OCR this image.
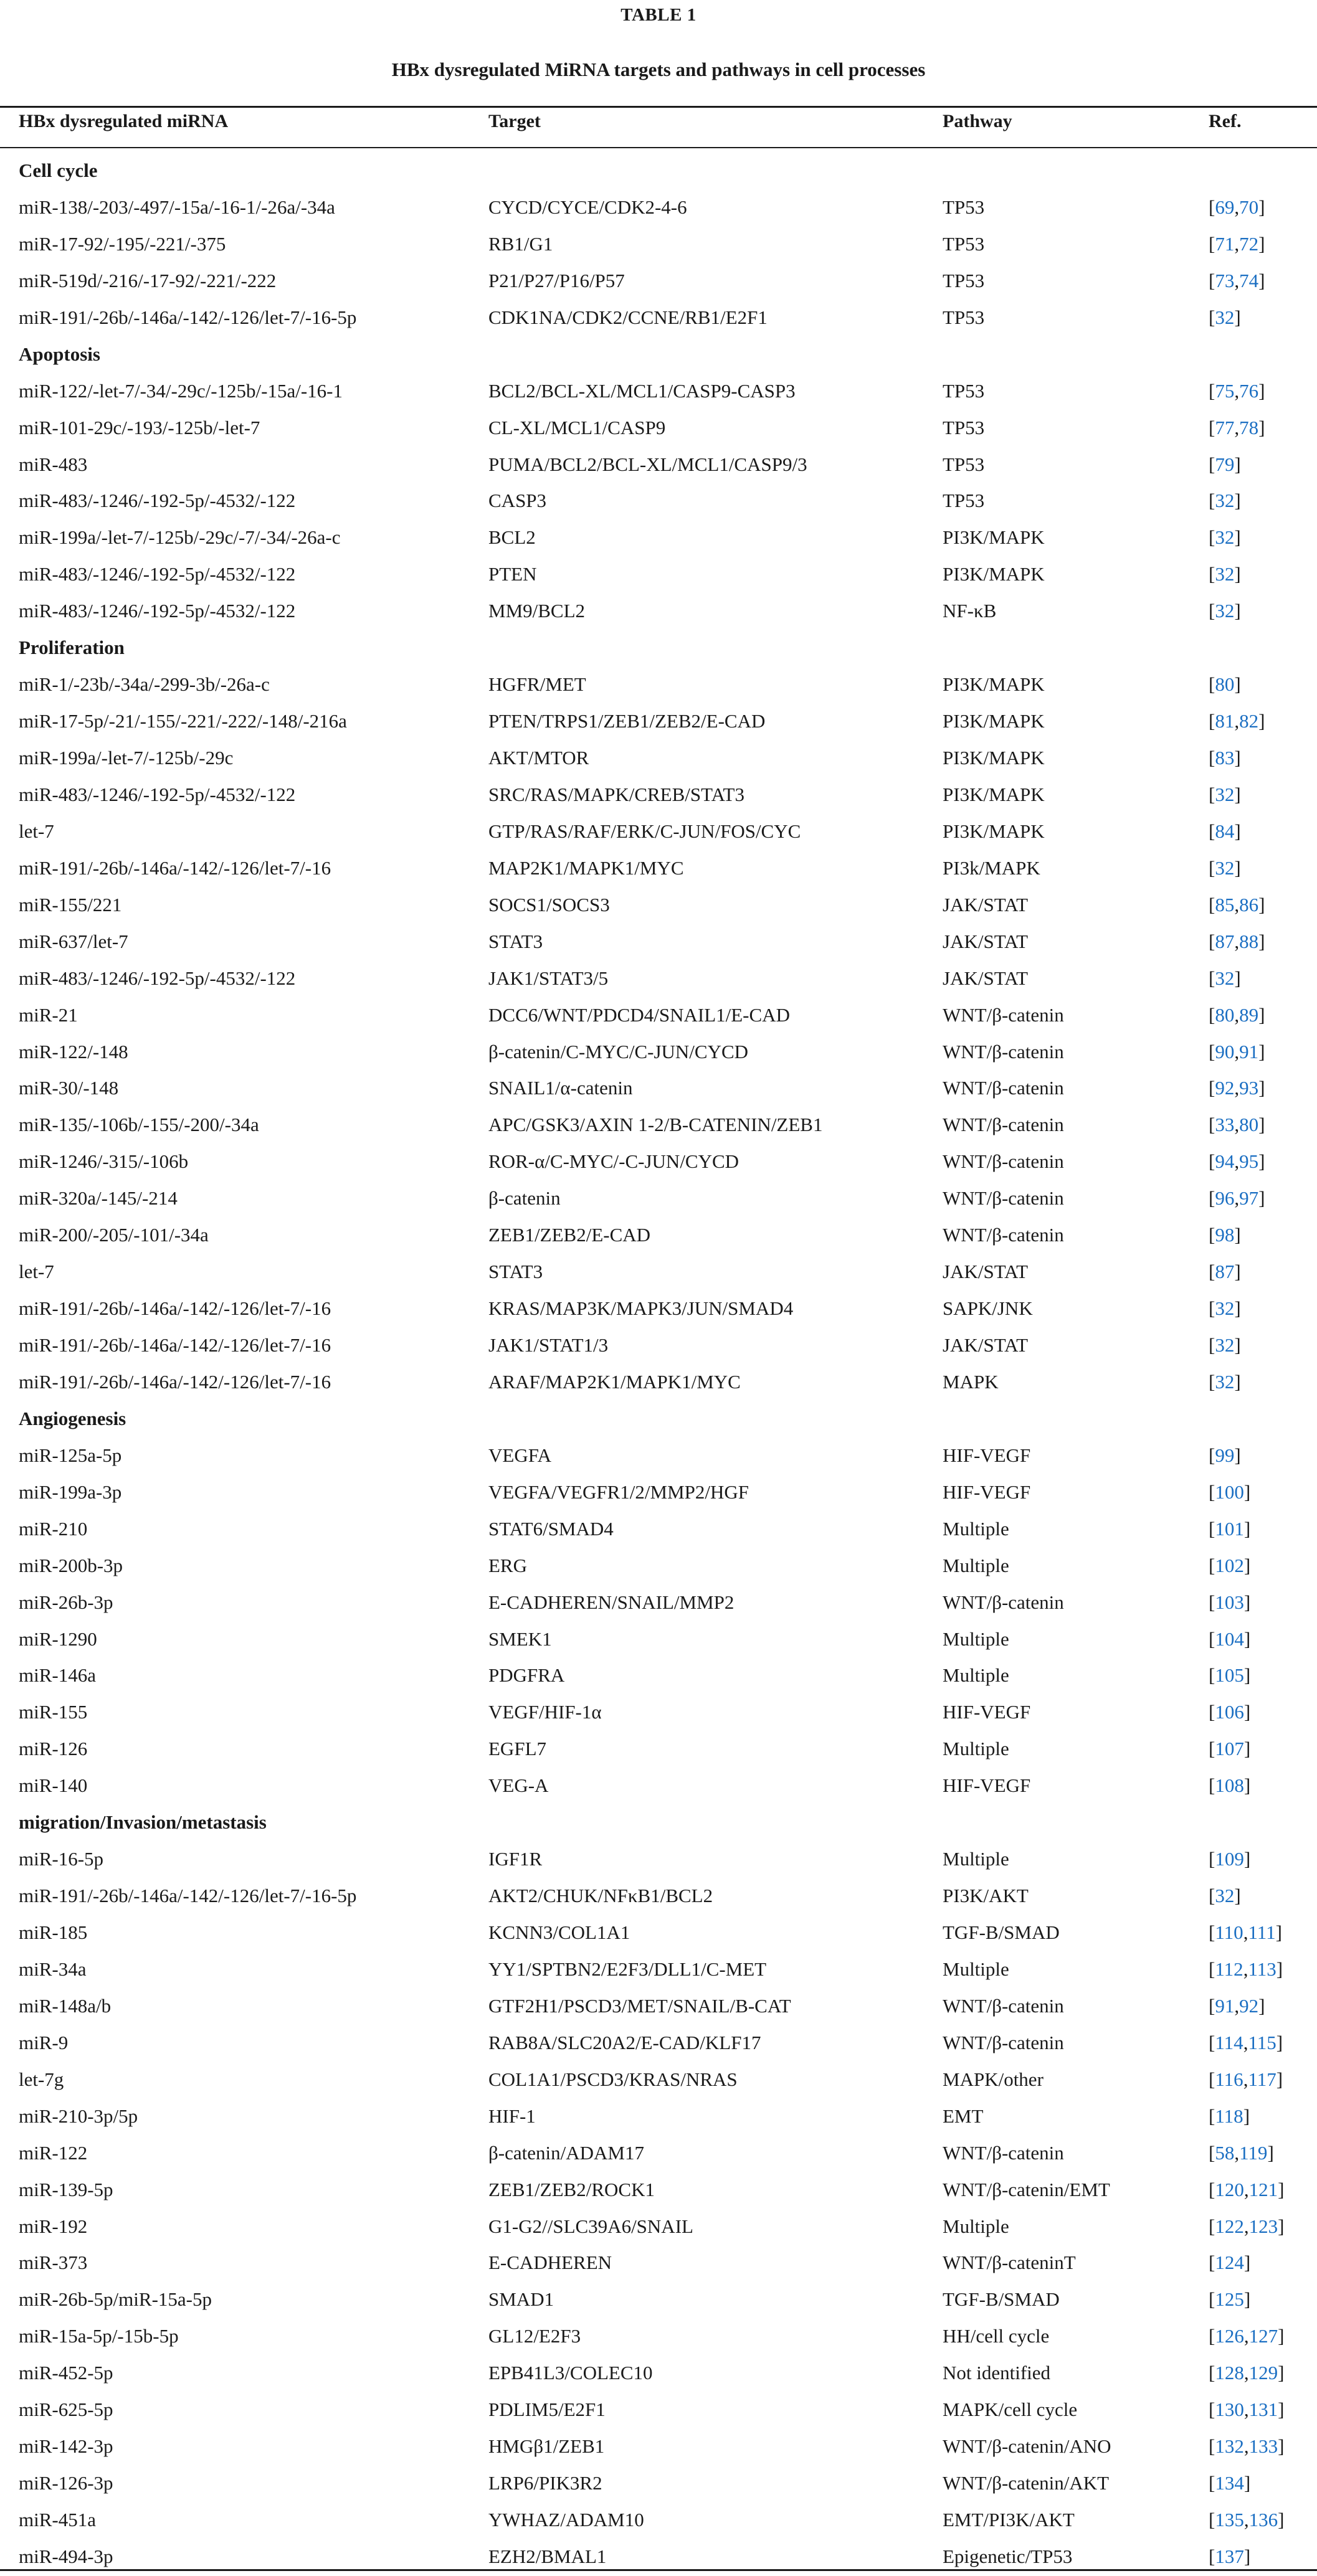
TABLE 1
HBx dysregulated MiRNA targets and pathways in cell processes
HBx dysregulated miRNA	Target	Pathway	Ref.
Cell cycle
miR-138/-203/-497/-15a/-16-1/-26a/-34a	CYCD/CYCE/CDK2-4-6	TP53	[69,70]
miR-17-92/-195/-221/-375	RB1/G1	TP53	[71,72]
miR-519d/-216/-17-92/-221/-222	P21/P27/P16/P57	TP53	[73,74]
miR-191/-26b/-146a/-142/-126/let-7/-16-5p	CDK1NA/CDK2/CCNE/RB1/E2F1	TP53	[32]
Apoptosis
miR-122/-let-7/-34/-29c/-125b/-15a/-16-1	BCL2/BCL-XL/MCL1/CASP9-CASP3	TP53	[75,76]
miR-101-29c/-193/-125b/-let-7	CL-XL/MCL1/CASP9	TP53	[77,78]
miR-483	PUMA/BCL2/BCL-XL/MCL1/CASP9/3	TP53	[79]
miR-483/-1246/-192-5p/-4532/-122	CASP3	TP53	[32]
miR-199a/-let-7/-125b/-29c/-7/-34/-26a-c	BCL2	PI3K/MAPK	[32]
miR-483/-1246/-192-5p/-4532/-122	PTEN	PI3K/MAPK	[32]
miR-483/-1246/-192-5p/-4532/-122	MM9/BCL2	NF-κB	[32]
Proliferation
miR-1/-23b/-34a/-299-3b/-26a-c	HGFR/MET	PI3K/MAPK	[80]
miR-17-5p/-21/-155/-221/-222/-148/-216a	PTEN/TRPS1/ZEB1/ZEB2/E-CAD	PI3K/MAPK	[81,82]
miR-199a/-let-7/-125b/-29c	AKT/MTOR	PI3K/MAPK	[83]
miR-483/-1246/-192-5p/-4532/-122	SRC/RAS/MAPK/CREB/STAT3	PI3K/MAPK	[32]
let-7	GTP/RAS/RAF/ERK/C-JUN/FOS/CYC	PI3K/MAPK	[84]
miR-191/-26b/-146a/-142/-126/let-7/-16	MAP2K1/MAPK1/MYC	PI3k/MAPK	[32]
miR-155/221	SOCS1/SOCS3	JAK/STAT	[85,86]
miR-637/let-7	STAT3	JAK/STAT	[87,88]
miR-483/-1246/-192-5p/-4532/-122	JAK1/STAT3/5	JAK/STAT	[32]
miR-21	DCC6/WNT/PDCD4/SNAIL1/E-CAD	WNT/β-catenin	[80,89]
miR-122/-148	β-catenin/C-MYC/C-JUN/CYCD	WNT/β-catenin	[90,91]
miR-30/-148	SNAIL1/α-catenin	WNT/β-catenin	[92,93]
miR-135/-106b/-155/-200/-34a	APC/GSK3/AXIN 1-2/B-CATENIN/ZEB1	WNT/β-catenin	[33,80]
miR-1246/-315/-106b	ROR-α/C-MYC/-C-JUN/CYCD	WNT/β-catenin	[94,95]
miR-320a/-145/-214	β-catenin	WNT/β-catenin	[96,97]
miR-200/-205/-101/-34a	ZEB1/ZEB2/E-CAD	WNT/β-catenin	[98]
let-7	STAT3	JAK/STAT	[87]
miR-191/-26b/-146a/-142/-126/let-7/-16	KRAS/MAP3K/MAPK3/JUN/SMAD4	SAPK/JNK	[32]
miR-191/-26b/-146a/-142/-126/let-7/-16	JAK1/STAT1/3	JAK/STAT	[32]
miR-191/-26b/-146a/-142/-126/let-7/-16	ARAF/MAP2K1/MAPK1/MYC	MAPK	[32]
Angiogenesis
miR-125a-5p	VEGFA	HIF-VEGF	[99]
miR-199a-3p	VEGFA/VEGFR1/2/MMP2/HGF	HIF-VEGF	[100]
miR-210	STAT6/SMAD4	Multiple	[101]
miR-200b-3p	ERG	Multiple	[102]
miR-26b-3p	E-CADHEREN/SNAIL/MMP2	WNT/β-catenin	[103]
miR-1290	SMEK1	Multiple	[104]
miR-146a	PDGFRA	Multiple	[105]
miR-155	VEGF/HIF-1α	HIF-VEGF	[106]
miR-126	EGFL7	Multiple	[107]
miR-140	VEG-A	HIF-VEGF	[108]
migration/Invasion/metastasis
miR-16-5p	IGF1R	Multiple	[109]
miR-191/-26b/-146a/-142/-126/let-7/-16-5p	AKT2/CHUK/NFκB1/BCL2	PI3K/AKT	[32]
miR-185	KCNN3/COL1A1	TGF-B/SMAD	[110,111]
miR-34a	YY1/SPTBN2/E2F3/DLL1/C-MET	Multiple	[112,113]
miR-148a/b	GTF2H1/PSCD3/MET/SNAIL/B-CAT	WNT/β-catenin	[91,92]
miR-9	RAB8A/SLC20A2/E-CAD/KLF17	WNT/β-catenin	[114,115]
let-7g	COL1A1/PSCD3/KRAS/NRAS	MAPK/other	[116,117]
miR-210-3p/5p	HIF-1	EMT	[118]
miR-122	β-catenin/ADAM17	WNT/β-catenin	[58,119]
miR-139-5p	ZEB1/ZEB2/ROCK1	WNT/β-catenin/EMT	[120,121]
miR-192	G1-G2//SLC39A6/SNAIL	Multiple	[122,123]
miR-373	E-CADHEREN	WNT/β-cateninT	[124]
miR-26b-5p/miR-15a-5p	SMAD1	TGF-B/SMAD	[125]
miR-15a-5p/-15b-5p	GL12/E2F3	HH/cell cycle	[126,127]
miR-452-5p	EPB41L3/COLEC10	Not identified	[128,129]
miR-625-5p	PDLIM5/E2F1	MAPK/cell cycle	[130,131]
miR-142-3p	HMGβ1/ZEB1	WNT/β-catenin/ANO	[132,133]
miR-126-3p	LRP6/PIK3R2	WNT/β-catenin/AKT	[134]
miR-451a	YWHAZ/ADAM10	EMT/PI3K/AKT	[135,136]
miR-494-3p	EZH2/BMAL1	Epigenetic/TP53	[137]
